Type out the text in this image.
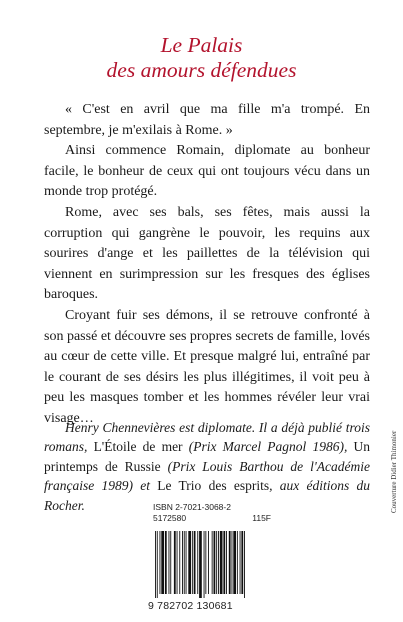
Le Palais
des amours défendues

« C'est en avril que ma fille m'a trompé. En septembre, je m'exilais à Rome. »

Ainsi commence Romain, diplomate au bonheur facile, le bonheur de ceux qui ont toujours vécu dans un monde trop protégé.

Rome, avec ses bals, ses fêtes, mais aussi la corruption qui gangrène le pouvoir, les requins aux sourires d'ange et les paillettes de la télévision qui viennent en surimpression sur les fresques des églises baroques.

Croyant fuir ses démons, il se retrouve confronté à son passé et découvre ses propres secrets de famille, lovés au cœur de cette ville. Et presque malgré lui, entraîné par le courant de ses désirs les plus illégitimes, il voit peu à peu les masques tomber et les hommes révéler leur vrai visage…

Henry Chennevières est diplomate. Il a déjà publié trois romans, L'Étoile de mer (Prix Marcel Pagnol 1986), Un printemps de Russie (Prix Louis Barthou de l'Académie française 1989) et Le Trio des esprits, aux éditions du Rocher.	ISBN 2-7021-3068-2
5172580	115F
9 782702 130681
Couverture Didier Thimonier
